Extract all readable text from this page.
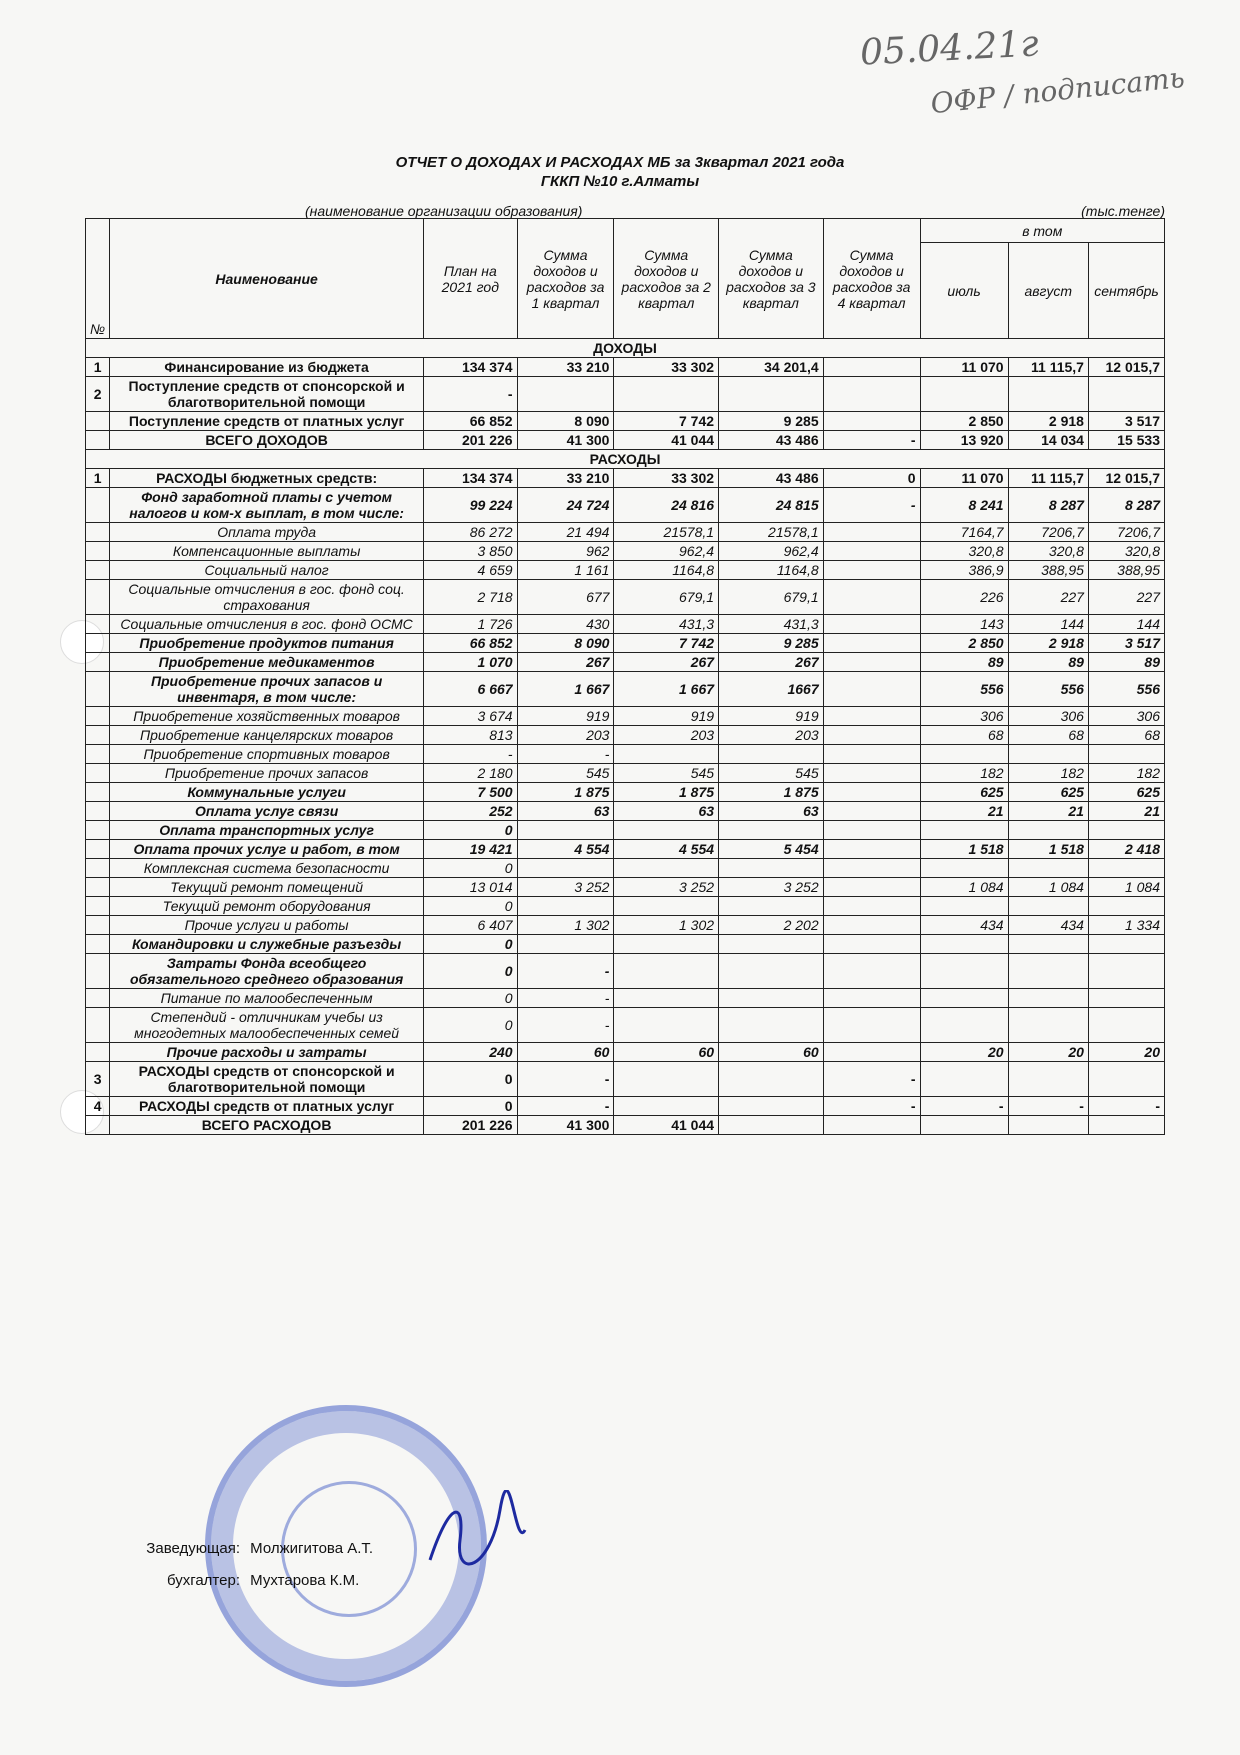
05.04.21г
ОФР / подписать
ОТЧЕТ О ДОХОДАХ И РАСХОДАХ МБ за 3квартал 2021 года
ГККП №10 г.Алматы
(наименование организации образования)	(тыс.тенге)
№	Наименование	План на 2021 год	Сумма доходов и расходов за 1 квартал	Сумма доходов и расходов за 2 квартал	Сумма доходов и расходов за 3 квартал	Сумма доходов и расходов за 4 квартал	в том		
							июль	август	сентябрь
ДОХОДЫ									
1	Финансирование из бюджета	134 374	33 210	33 302	34 201,4		11 070	11 115,7	12 015,7
2	Поступление средств от спонсорской и благотворительной помощи	-							
	Поступление средств от платных услуг	66 852	8 090	7 742	9 285		2 850	2 918	3 517
	ВСЕГО ДОХОДОВ	201 226	41 300	41 044	43 486	-	13 920	14 034	15 533
РАСХОДЫ									
1	РАСХОДЫ бюджетных средств:	134 374	33 210	33 302	43 486	0	11 070	11 115,7	12 015,7
	Фонд заработной платы с учетом налогов и ком-х выплат, в том числе:	99 224	24 724	24 816	24 815	-	8 241	8 287	8 287
	Оплата труда	86 272	21 494	21578,1	21578,1		7164,7	7206,7	7206,7
	Компенсационные выплаты	3 850	962	962,4	962,4		320,8	320,8	320,8
	Социальный налог	4 659	1 161	1164,8	1164,8		386,9	388,95	388,95
	Социальные отчисления в гос. фонд соц. страхования	2 718	677	679,1	679,1		226	227	227
	Социальные отчисления в гос. фонд ОСМС	1 726	430	431,3	431,3		143	144	144
	Приобретение продуктов питания	66 852	8 090	7 742	9 285		2 850	2 918	3 517
	Приобретение медикаментов	1 070	267	267	267		89	89	89
	Приобретение прочих запасов и инвентаря, в том числе:	6 667	1 667	1 667	1667		556	556	556
	Приобретение хозяйственных товаров	3 674	919	919	919		306	306	306
	Приобретение канцелярских товаров	813	203	203	203		68	68	68
	Приобретение спортивных товаров	-	-						
	Приобретение прочих запасов	2 180	545	545	545		182	182	182
	Коммунальные услуги	7 500	1 875	1 875	1 875		625	625	625
	Оплата услуг связи	252	63	63	63		21	21	21
	Оплата транспортных услуг	0							
	Оплата прочих услуг и работ, в том	19 421	4 554	4 554	5 454		1 518	1 518	2 418
	Комплексная система безопасности	0							
	Текущий ремонт помещений	13 014	3 252	3 252	3 252		1 084	1 084	1 084
	Текущий ремонт оборудования	0							
	Прочие услуги и работы	6 407	1 302	1 302	2 202		434	434	1 334
	Командировки и служебные разъезды	0							
	Затраты Фонда всеобщего обязательного среднего образования	0	-						
	Питание по малообеспеченным	0	-						
	Степендий - отличникам учебы из многодетных малообеспеченных семей	0	-						
	Прочие расходы и затраты	240	60	60	60		20	20	20
3	РАСХОДЫ средств от спонсорской и благотворительной помощи	0	-			-			
4	РАСХОДЫ средств от платных услуг	0	-			-	-	-	-
	ВСЕГО РАСХОДОВ	201 226	41 300	41 044					
Заведующая: Молжигитова А.Т.
бухгалтер: Мухтарова К.М.
